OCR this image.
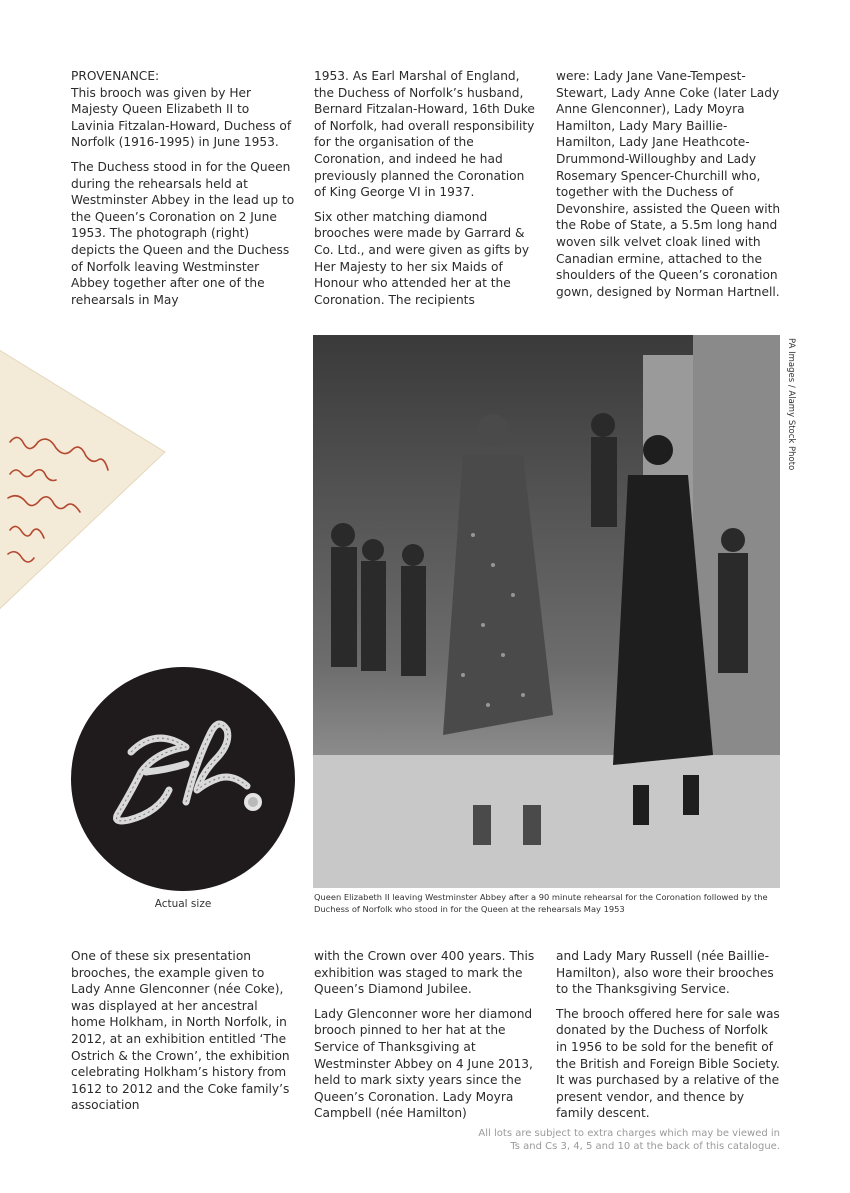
PROVENANCE:

This brooch was given by Her Majesty Queen Elizabeth II to Lavinia Fitzalan-Howard, Duchess of Norfolk (1916-1995) in June 1953.

The Duchess stood in for the Queen during the rehearsals held at Westminster Abbey in the lead up to the Queen’s Coronation on 2 June 1953. The photograph (right) depicts the Queen and the Duchess of Norfolk leaving Westminster Abbey together after one of the rehearsals in May

1953. As Earl Marshal of England, the Duchess of Norfolk’s husband, Bernard Fitzalan-Howard, 16th Duke of Norfolk, had overall responsibility for the organisation of the Coronation, and indeed he had previously planned the Coronation of King George VI in 1937.

Six other matching diamond brooches were made by Garrard & Co. Ltd., and were given as gifts by Her Majesty to her six Maids of Honour who attended her at the Coronation. The recipients

were: Lady Jane Vane-Tempest-Stewart, Lady Anne Coke (later Lady Anne Glenconner), Lady Moyra Hamilton, Lady Mary Baillie-Hamilton, Lady Jane Heathcote-Drummond-Willoughby and Lady Rosemary Spencer-Churchill who, together with the Duchess of Devonshire, assisted the Queen with the Robe of State, a 5.5m long hand woven silk velvet cloak lined with Canadian ermine, attached to the shoulders of the Queen’s coronation gown, designed by Norman Hartnell.

PA Images / Alamy Stock Photo
Queen Elizabeth II leaving Westminster Abbey after a 90 minute rehearsal for the Coronation followed by the Duchess of Norfolk who stood in for the Queen at the rehearsals May 1953
Actual size

One of these six presentation brooches, the example given to Lady Anne Glenconner (née Coke), was displayed at her ancestral home Holkham, in North Norfolk, in 2012, at an exhibition entitled ‘The Ostrich & the Crown’, the exhibition celebrating Holkham’s history from 1612 to 2012 and the Coke family’s association

with the Crown over 400 years. This exhibition was staged to mark the Queen’s Diamond Jubilee.

Lady Glenconner wore her diamond brooch pinned to her hat at the Service of Thanksgiving at Westminster Abbey on 4 June 2013, held to mark sixty years since the Queen’s Coronation. Lady Moyra Campbell (née Hamilton)

and Lady Mary Russell (née Baillie-Hamilton), also wore their brooches to the Thanksgiving Service.

The brooch offered here for sale was donated by the Duchess of Norfolk in 1956 to be sold for the benefit of the British and Foreign Bible Society. It was purchased by a relative of the present vendor, and thence by family descent.

All lots are subject to extra charges which may be viewed in
Ts and Cs 3, 4, 5 and 10 at the back of this catalogue.
